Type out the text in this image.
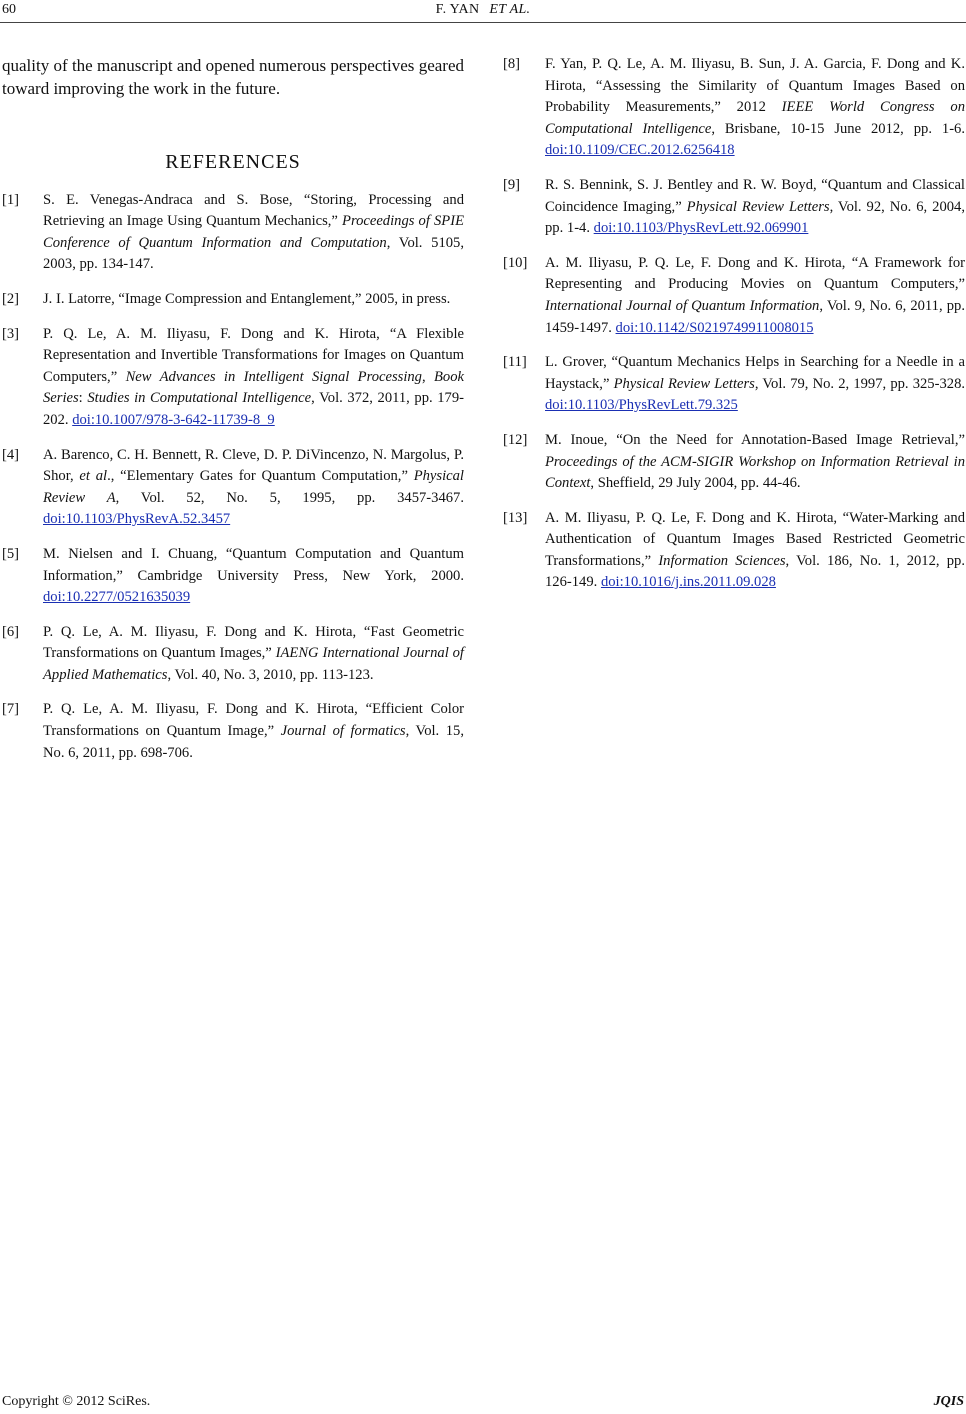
60	F. YAN ET AL.

quality of the manuscript and opened numerous perspectives geared toward improving the work in the future.

REFERENCES
[1] S. E. Venegas-Andraca and S. Bose, “Storing, Processing and Retrieving an Image Using Quantum Mechanics,” Proceedings of SPIE Conference of Quantum Information and Computation, Vol. 5105, 2003, pp. 134-147.
[2] J. I. Latorre, “Image Compression and Entanglement,” 2005, in press.
[3] P. Q. Le, A. M. Iliyasu, F. Dong and K. Hirota, “A Flexible Representation and Invertible Transformations for Images on Quantum Computers,” New Advances in Intelligent Signal Processing, Book Series: Studies in Computational Intelligence, Vol. 372, 2011, pp. 179-202. doi:10.1007/978-3-642-11739-8_9
[4] A. Barenco, C. H. Bennett, R. Cleve, D. P. DiVincenzo, N. Margolus, P. Shor, et al., “Elementary Gates for Quantum Computation,” Physical Review A, Vol. 52, No. 5, 1995, pp. 3457-3467. doi:10.1103/PhysRevA.52.3457
[5] M. Nielsen and I. Chuang, “Quantum Computation and Quantum Information,” Cambridge University Press, New York, 2000. doi:10.2277/0521635039
[6] P. Q. Le, A. M. Iliyasu, F. Dong and K. Hirota, “Fast Geometric Transformations on Quantum Images,” IAENG International Journal of Applied Mathematics, Vol. 40, No. 3, 2010, pp. 113-123.
[7] P. Q. Le, A. M. Iliyasu, F. Dong and K. Hirota, “Efficient Color Transformations on Quantum Image,” Journal of formatics, Vol. 15, No. 6, 2011, pp. 698-706.
[8] F. Yan, P. Q. Le, A. M. Iliyasu, B. Sun, J. A. Garcia, F. Dong and K. Hirota, “Assessing the Similarity of Quantum Images Based on Probability Measurements,” 2012 IEEE World Congress on Computational Intelligence, Brisbane, 10-15 June 2012, pp. 1-6. doi:10.1109/CEC.2012.6256418
[9] R. S. Bennink, S. J. Bentley and R. W. Boyd, “Quantum and Classical Coincidence Imaging,” Physical Review Letters, Vol. 92, No. 6, 2004, pp. 1-4. doi:10.1103/PhysRevLett.92.069901
[10] A. M. Iliyasu, P. Q. Le, F. Dong and K. Hirota, “A Framework for Representing and Producing Movies on Quantum Computers,” International Journal of Quantum Information, Vol. 9, No. 6, 2011, pp. 1459-1497. doi:10.1142/S0219749911008015
[11] L. Grover, “Quantum Mechanics Helps in Searching for a Needle in a Haystack,” Physical Review Letters, Vol. 79, No. 2, 1997, pp. 325-328. doi:10.1103/PhysRevLett.79.325
[12] M. Inoue, “On the Need for Annotation-Based Image Retrieval,” Proceedings of the ACM-SIGIR Workshop on Information Retrieval in Context, Sheffield, 29 July 2004, pp. 44-46.
[13] A. M. Iliyasu, P. Q. Le, F. Dong and K. Hirota, “Water-Marking and Authentication of Quantum Images Based Restricted Geometric Transformations,” Information Sciences, Vol. 186, No. 1, 2012, pp. 126-149. doi:10.1016/j.ins.2011.09.028
Copyright © 2012 SciRes.	JQIS
